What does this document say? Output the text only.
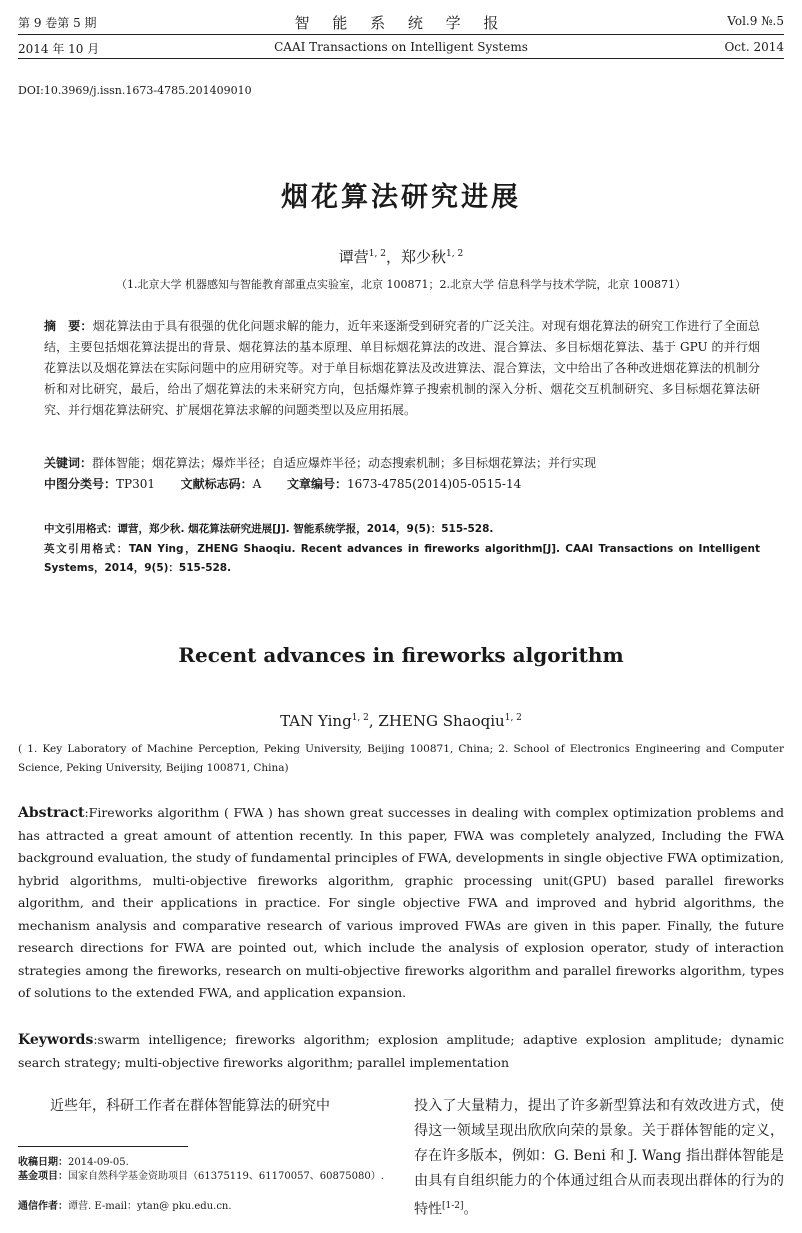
第 9 卷第 5 期
2014 年 10 月
智 能 系 统 学 报
CAAI Transactions on Intelligent Systems
Vol.9 №.5
Oct. 2014
DOI:10.3969/j.issn.1673-4785.201409010
烟花算法研究进展
谭营$^{1, 2}$，郑少秋$^{1, 2}$
（1.北京大学 机器感知与智能教育部重点实验室，北京 100871；2.北京大学 信息科学与技术学院，北京 100871）
摘　要：烟花算法由于具有很强的优化问题求解的能力，近年来逐渐受到研究者的广泛关注。对现有烟花算法的研究工作进行了全面总结，主要包括烟花算法提出的背景、烟花算法的基本原理、单目标烟花算法的改进、混合算法、多目标烟花算法、基于 GPU 的并行烟花算法以及烟花算法在实际问题中的应用研究等。对于单目标烟花算法及改进算法、混合算法，文中给出了各种改进烟花算法的机制分析和对比研究，最后，给出了烟花算法的未来研究方向，包括爆炸算子搜索机制的深入分析、烟花交互机制研究、多目标烟花算法研究、并行烟花算法研究、扩展烟花算法求解的问题类型以及应用拓展。
关键词：群体智能；烟花算法；爆炸半径；自适应爆炸半径；动态搜索机制；多目标烟花算法；并行实现
中图分类号：TP301 文献标志码：A 文章编号：1673-4785(2014)05-0515-14
中文引用格式：谭营，郑少秋. 烟花算法研究进展[J]. 智能系统学报，2014，9(5)：515-528.
英文引用格式：TAN Ying，ZHENG Shaoqiu. Recent advances in fireworks algorithm[J]. CAAI Transactions on Intelligent Systems，2014，9(5)：515-528.
Recent advances in fireworks algorithm
TAN Ying$^{1, 2}$, ZHENG Shaoqiu$^{1, 2}$
( 1. Key Laboratory of Machine Perception, Peking University, Beijing 100871, China; 2. School of Electronics Engineering and Computer Science, Peking University, Beijing 100871, China)
Abstract:Fireworks algorithm ( FWA ) has shown great successes in dealing with complex optimization problems and has attracted a great amount of attention recently. In this paper, FWA was completely analyzed, Including the FWA background evaluation, the study of fundamental principles of FWA, developments in single objective FWA optimization, hybrid algorithms, multi-objective fireworks algorithm, graphic processing unit(GPU) based parallel fireworks algorithm, and their applications in practice. For single objective FWA and improved and hybrid algorithms, the mechanism analysis and comparative research of various improved FWAs are given in this paper. Finally, the future research directions for FWA are pointed out, which include the analysis of explosion operator, study of interaction strategies among the fireworks, research on multi-objective fireworks algorithm and parallel fireworks algorithm, types of solutions to the extended FWA, and application expansion.
Keywords:swarm intelligence; fireworks algorithm; explosion amplitude; adaptive explosion amplitude; dynamic search strategy; multi-objective fireworks algorithm; parallel implementation
近些年，科研工作者在群体智能算法的研究中	投入了大量精力，提出了许多新型算法和有效改进方式，使得这一领域呈现出欣欣向荣的景象。关于群体智能的定义，存在许多版本，例如：G. Beni 和 J. Wang 指出群体智能是由具有自组织能力的个体通过组合从而表现出群体的行为的特性[1-2]。
收稿日期：2014-09-05.
基金项目：国家自然科学基金资助项目（61375119、61170057、60875080）.
通信作者：谭营. E-mail：ytan@ pku.edu.cn.
